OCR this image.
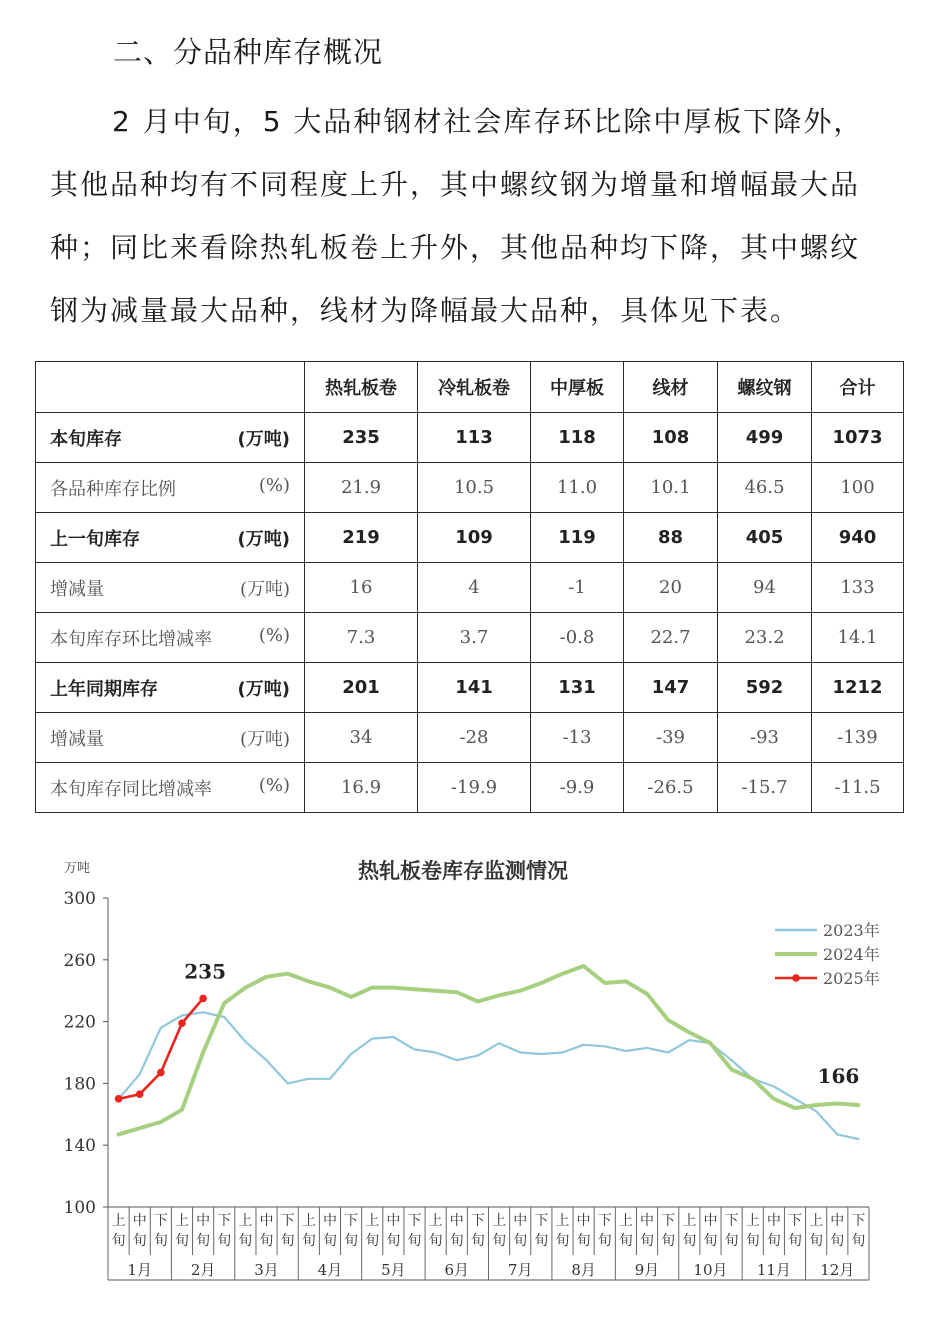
二、分品种库存概况
2 月中旬，5 大品种钢材社会库存环比除中厚板下降外，
其他品种均有不同程度上升，其中螺纹钢为增量和增幅最大品
种；同比来看除热轧板卷上升外，其他品种均下降，其中螺纹
钢为减量最大品种，线材为降幅最大品种，具体见下表。
	热轧板卷	冷轧板卷	中厚板	线材	螺纹钢	合计

本旬库存 (万吨)	235	113	118	108	499	1073

各品种库存比例 (%)	21.9	10.5	11.0	10.1	46.5	100

上一旬库存 (万吨)	219	109	119	88	405	940

增减量 (万吨)	16	4	-1	20	94	133

本旬库存环比增减率 (%)	7.3	3.7	-0.8	22.7	23.2	14.1

上年同期库存 (万吨)	201	141	131	147	592	1212

增减量 (万吨)	34	-28	-13	-39	-93	-139

本旬库存同比增减率 (%)	16.9	-19.9	-9.9	-26.5	-15.7	-11.5
热轧板卷库存监测情况
万吨
100
140
180
220
260
300
上旬
中旬
下旬
上旬
中旬
下旬
上旬
中旬
下旬
上旬
中旬
下旬
上旬
中旬
下旬
上旬
中旬
下旬
上旬
中旬
下旬
上旬
中旬
下旬
上旬
中旬
下旬
上旬
中旬
下旬
上旬
中旬
下旬
上旬
中旬
下旬
1月	2月	3月	4月	5月	6月	7月	8月	9月 10月 11月 12月
235
166
2023年
2024年
2025年
